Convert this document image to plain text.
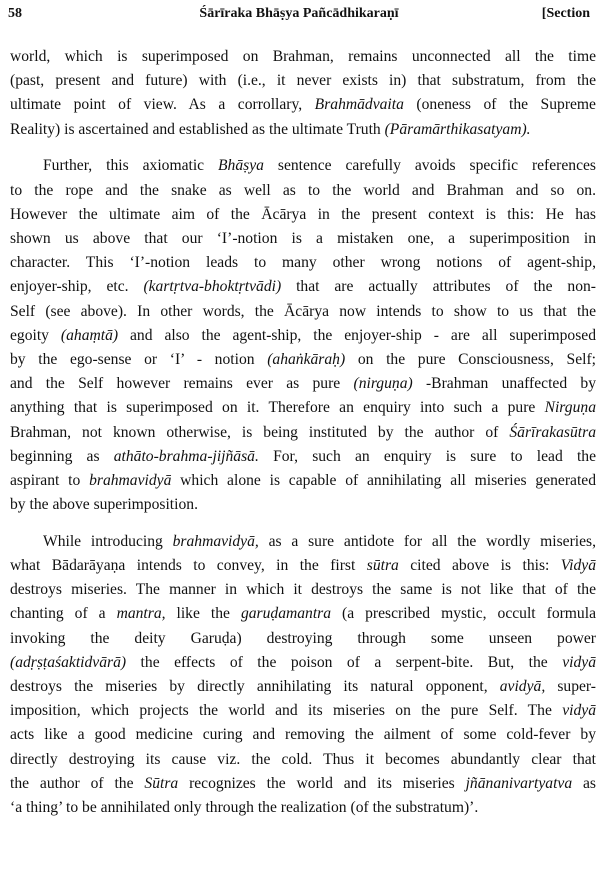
58	Śārīraka Bhāṣya Pañcādhikaraṇī	[Section

world, which is superimposed on Brahman, remains unconnected all the time
(past, present and future) with (i.e., it never exists in) that substratum, from the
ultimate point of view. As a corrollary, Brahmādvaita (oneness of the Supreme
Reality) is ascertained and established as the ultimate Truth (Pāramārthikasatyam).

Further, this axiomatic Bhāṣya sentence carefully avoids specific references
to the rope and the snake as well as to the world and Brahman and so on.
However the ultimate aim of the Ācārya in the present context is this: He has
shown us above that our ‘I’-notion is a mistaken one, a superimposition in
character. This ‘I’-notion leads to many other wrong notions of agent-ship,
enjoyer-ship, etc. (kartṛtva-bhoktṛtvādi) that are actually attributes of the non-
Self (see above). In other words, the Ācārya now intends to show to us that the
egoity (ahaṃtā) and also the agent-ship, the enjoyer-ship - are all superimposed
by the ego-sense or ‘I’ - notion (ahaṅkāraḥ) on the pure Consciousness, Self;
and the Self however remains ever as pure (nirguṇa) -Brahman unaffected by
anything that is superimposed on it. Therefore an enquiry into such a pure Nirguṇa
Brahman, not known otherwise, is being instituted by the author of Śārīrakasūtra
beginning as athāto-brahma-jijñāsā. For, such an enquiry is sure to lead the
aspirant to brahmavidyā which alone is capable of annihilating all miseries generated
by the above superimposition.

While introducing brahmavidyā, as a sure antidote for all the wordly miseries,
what Bādarāyaṇa intends to convey, in the first sūtra cited above is this: Vidyā
destroys miseries. The manner in which it destroys the same is not like that of the
chanting of a mantra, like the garuḍamantra (a prescribed mystic, occult formula
invoking the deity Garuḍa) destroying through some unseen power
(adṛṣṭaśaktidvārā) the effects of the poison of a serpent-bite. But, the vidyā
destroys the miseries by directly annihilating its natural opponent, avidyā, super-
imposition, which projects the world and its miseries on the pure Self. The vidyā
acts like a good medicine curing and removing the ailment of some cold-fever by
directly destroying its cause viz. the cold. Thus it becomes abundantly clear that
the author of the Sūtra recognizes the world and its miseries jñānanivartyatva as
‘a thing’ to be annihilated only through the realization (of the substratum)’.
